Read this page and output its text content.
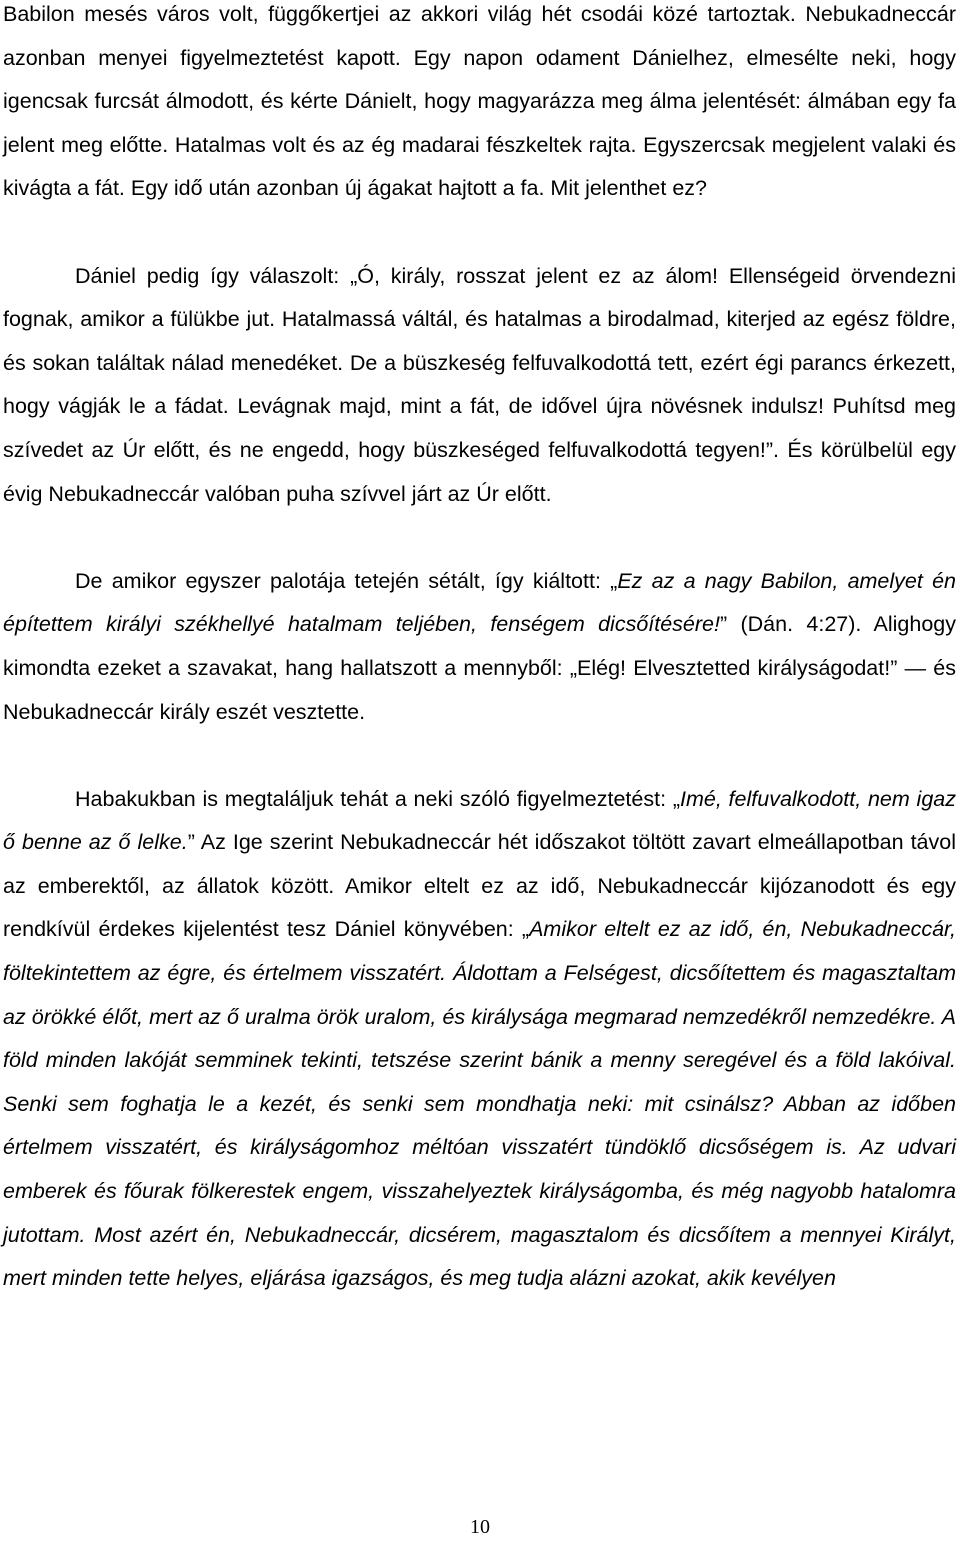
Babilon mesés város volt, függőkertjei az akkori világ hét csodái közé tartoztak. Nebukadneccár azonban menyei figyelmeztetést kapott. Egy napon odament Dánielhez, elmesélte neki, hogy igencsak furcsát álmodott, és kérte Dánielt, hogy magyarázza meg álma jelentését: álmában egy fa jelent meg előtte. Hatalmas volt és az ég madarai fészkeltek rajta. Egyszercsak megjelent valaki és kivágta a fát. Egy idő után azonban új ágakat hajtott a fa. Mit jelenthet ez?

Dániel pedig így válaszolt: „Ó, király, rosszat jelent ez az álom! Ellenségeid örvendezni fognak, amikor a fülükbe jut. Hatalmassá váltál, és hatalmas a birodalmad, kiterjed az egész földre, és sokan találtak nálad menedéket. De a büszkeség felfuvalkodottá tett, ezért égi parancs érkezett, hogy vágják le a fádat. Levágnak majd, mint a fát, de idővel újra növésnek indulsz! Puhítsd meg szívedet az Úr előtt, és ne engedd, hogy büszkeséged felfuvalkodottá tegyen!”. És körülbelül egy évig Nebukadneccár valóban puha szívvel járt az Úr előtt.

De amikor egyszer palotája tetején sétált, így kiáltott: „Ez az a nagy Babilon, amelyet én építettem királyi székhellyé hatalmam teljében, fenségem dicsőítésére!” (Dán. 4:27). Alighogy kimondta ezeket a szavakat, hang hallatszott a mennyből: „Elég! Elvesztetted királyságodat!” — és Nebukadneccár király eszét vesztette.

Habakukban is megtaláljuk tehát a neki szóló figyelmeztetést: „Imé, felfuvalkodott, nem igaz ő benne az ő lelke.” Az Ige szerint Nebukadneccár hét időszakot töltött zavart elmeállapotban távol az emberektől, az állatok között. Amikor eltelt ez az idő, Nebukadneccár kijózanodott és egy rendkívül érdekes kijelentést tesz Dániel könyvében: „Amikor eltelt ez az idő, én, Nebukadneccár, föltekintettem az égre, és értelmem visszatért. Áldottam a Felségest, dicsőítettem és magasztaltam az örökké élőt, mert az ő uralma örök uralom, és királysága megmarad nemzedékről nemzedékre. A föld minden lakóját semminek tekinti, tetszése szerint bánik a menny seregével és a föld lakóival. Senki sem foghatja le a kezét, és senki sem mondhatja neki: mit csinálsz? Abban az időben értelmem visszatért, és királyságomhoz méltóan visszatért tündöklő dicsőségem is. Az udvari emberek és főurak fölkerestek engem, visszahelyeztek királyságomba, és még nagyobb hatalomra jutottam. Most azért én, Nebukadneccár, dicsérem, magasztalom és dicsőítem a mennyei Királyt, mert minden tette helyes, eljárása igazságos, és meg tudja alázni azokat, akik kevélyen

10
